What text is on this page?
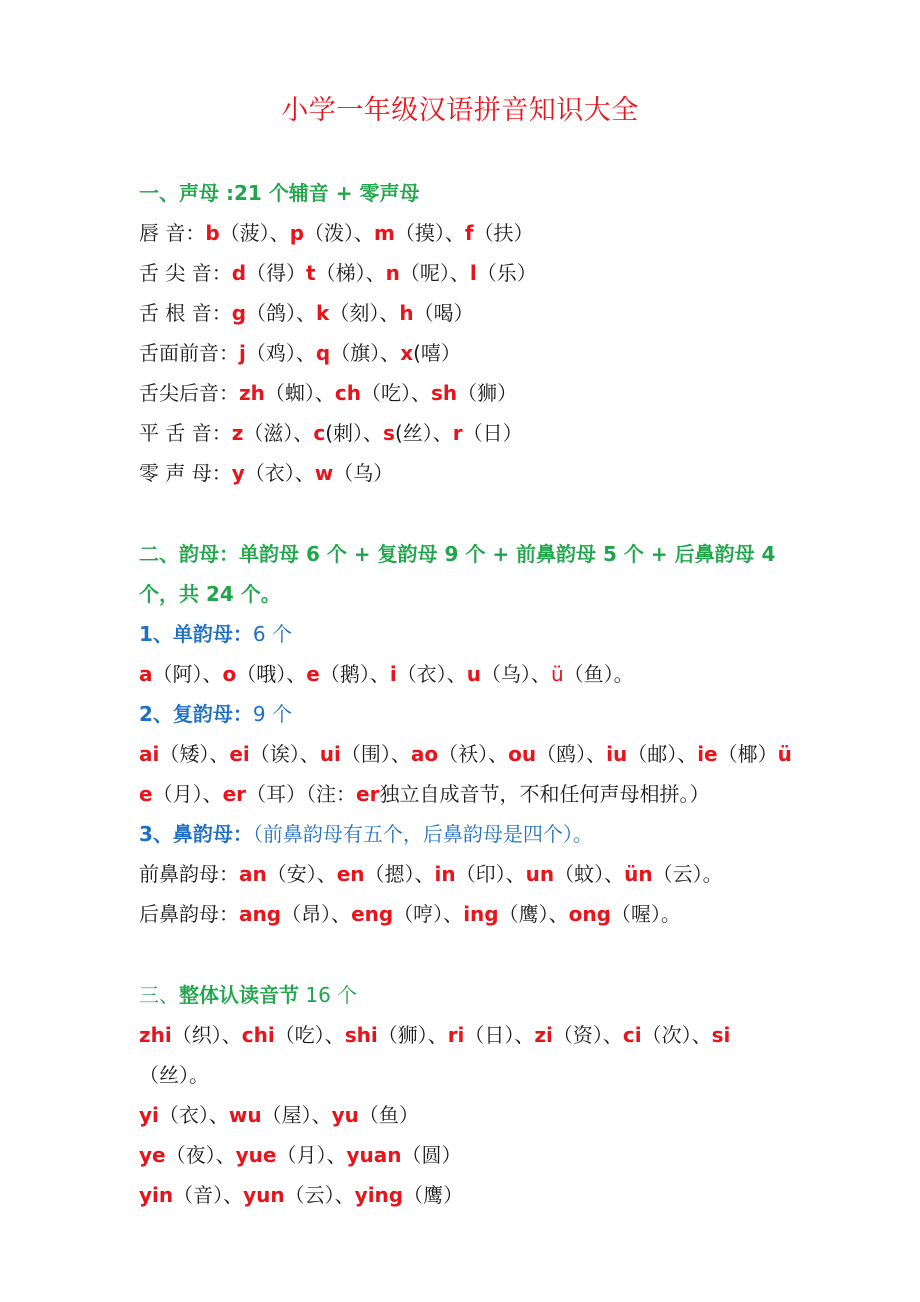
小学一年级汉语拼音知识大全
一、声母 :21 个辅音 + 零声母
唇 音：b（菠）、p（泼）、m（摸）、f（扶）
舌 尖 音：d（得）t（梯）、n（呢）、l（乐）
舌 根 音：g（鸽）、k（刻）、h（喝）
舌面前音：j（鸡）、q（旗）、x(嘻）
舌尖后音：zh（蜘）、ch（吃）、sh（狮）
平 舌 音：z（滋）、c(刺）、s(丝）、r（日）
零 声 母：y（衣）、w（乌）
二、韵母：单韵母 6 个 + 复韵母 9 个 + 前鼻韵母 5 个 + 后鼻韵母 4
个，共 24 个。
1、单韵母：6 个
a（阿）、o（哦）、e（鹅）、i（衣）、u（乌）、ü（鱼）。
2、复韵母：9 个
ai（矮）、ei（诶）、ui（围）、ao（袄）、ou（鸥）、iu（邮）、ie（椰）ü
e（月）、er（耳）（注：er独立自成音节，不和任何声母相拼。）
3、鼻韵母：（前鼻韵母有五个，后鼻韵母是四个）。
前鼻韵母：an（安）、en（摁）、in（印）、un（蚊）、ün（云）。
后鼻韵母：ang（昂）、eng（哼）、ing（鹰）、ong（喔）。
三、整体认读音节 16 个
zhi（织）、chi（吃）、shi（狮）、ri（日）、zi（资）、ci（次）、si
（丝）。
yi（衣）、wu（屋）、yu（鱼）
ye（夜）、yue（月）、yuan（圆）
yin（音）、yun（云）、ying（鹰）
